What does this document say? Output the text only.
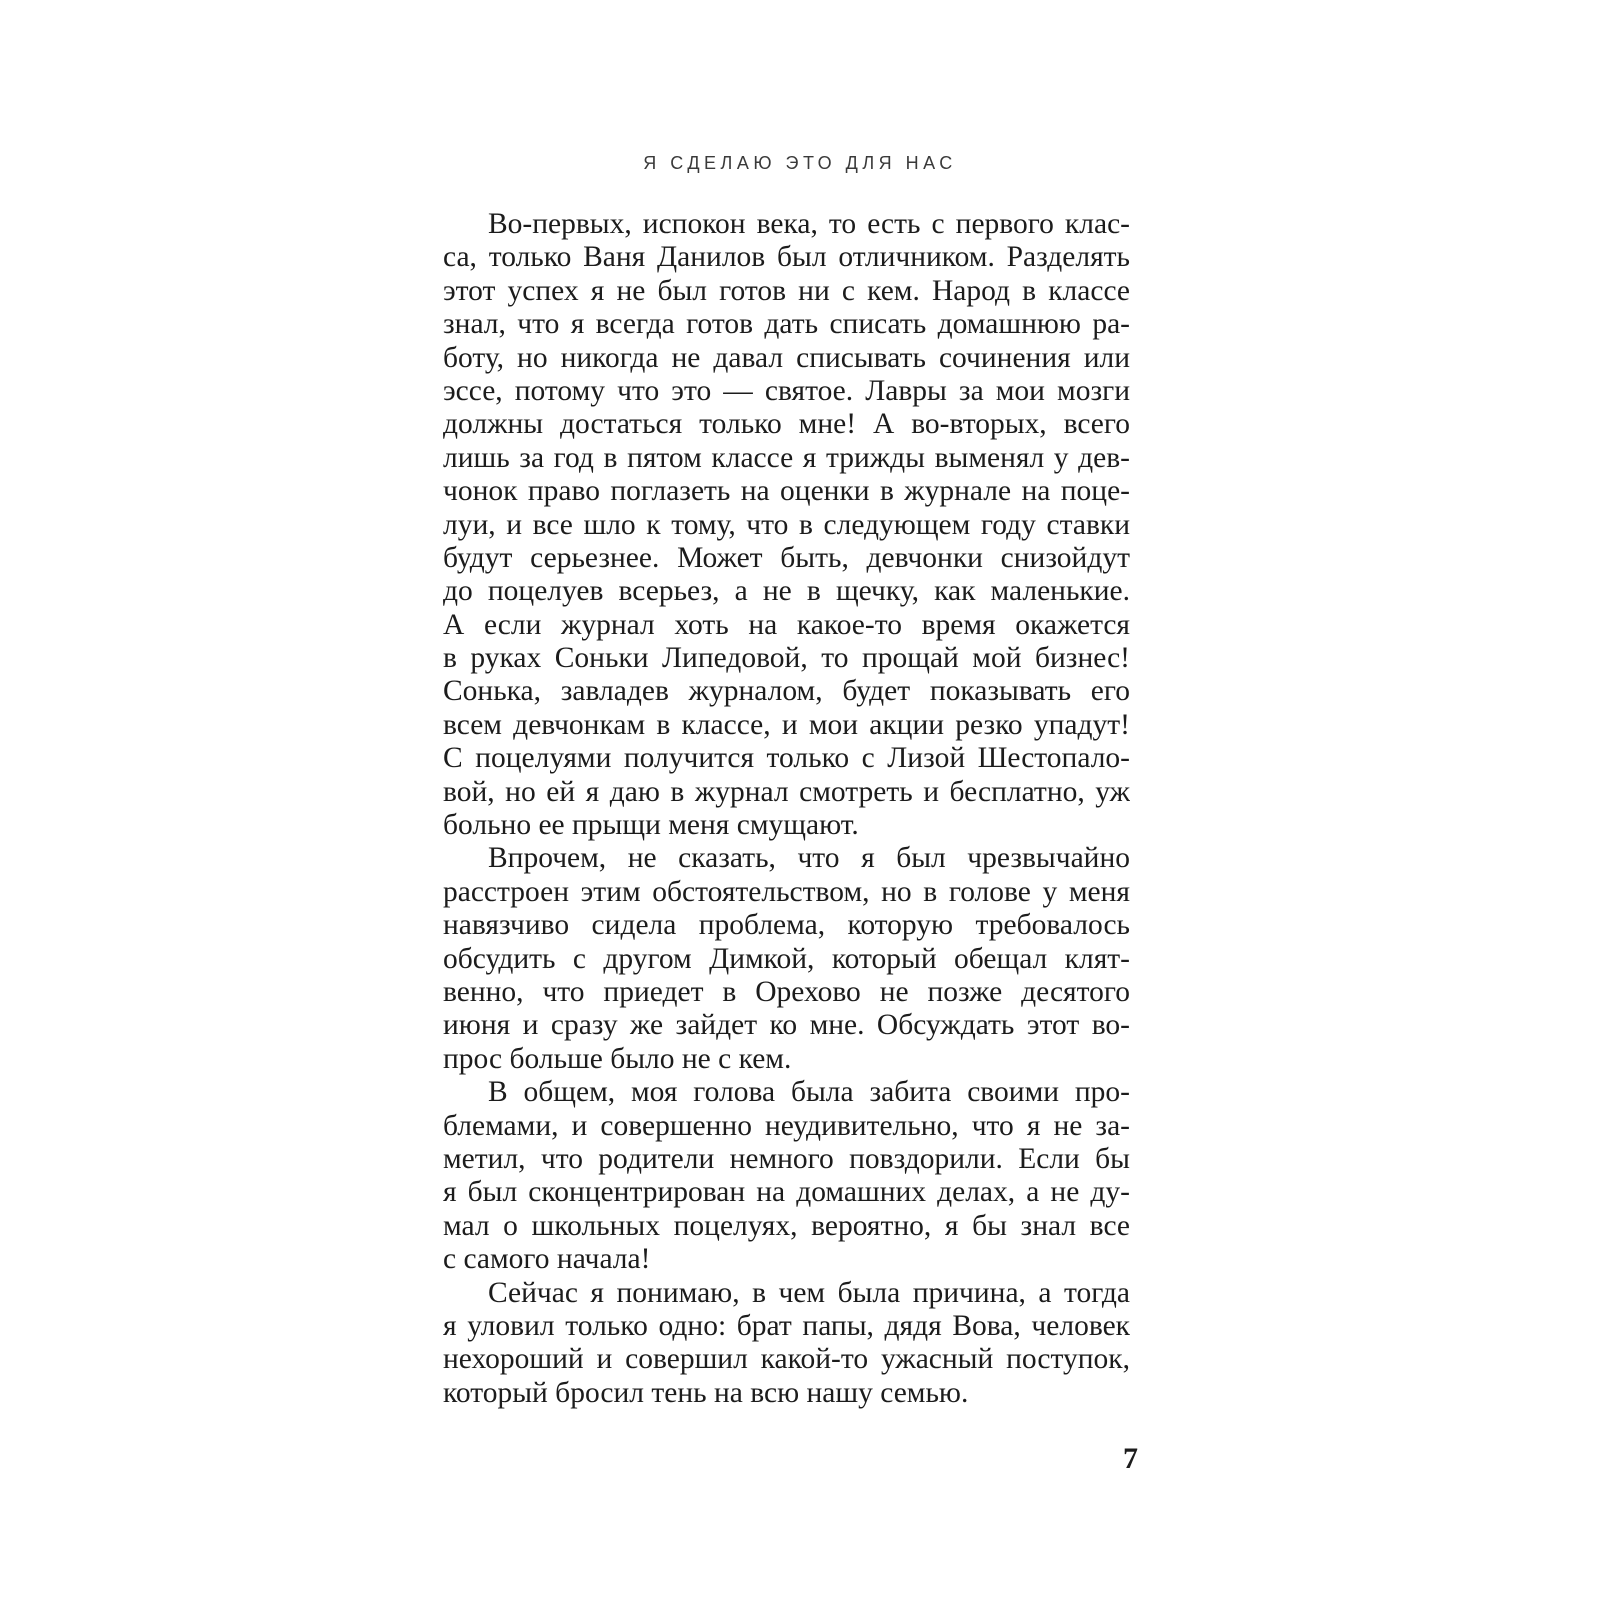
Я СДЕЛАЮ ЭТО ДЛЯ НАС
Во-первых, испокон века, то есть с первого клас-
са, только Ваня Данилов был отличником. Разделять
этот успех я не был готов ни с кем. Народ в классе
знал, что я всегда готов дать списать домашнюю ра-
боту, но никогда не давал списывать сочинения или
эссе, потому что это — святое. Лавры за мои мозги
должны достаться только мне! А во-вторых, всего
лишь за год в пятом классе я трижды выменял у дев-
чонок право поглазеть на оценки в журнале на поце-
луи, и все шло к тому, что в следующем году ставки
будут серьезнее. Может быть, девчонки снизойдут
до поцелуев всерьез, а не в щечку, как маленькие.
А если журнал хоть на какое-то время окажется
в руках Соньки Липедовой, то прощай мой бизнес!
Сонька, завладев журналом, будет показывать его
всем девчонкам в классе, и мои акции резко упадут!
С поцелуями получится только с Лизой Шестопало-
вой, но ей я даю в журнал смотреть и бесплатно, уж
больно ее прыщи меня смущают.
Впрочем, не сказать, что я был чрезвычайно
расстроен этим обстоятельством, но в голове у меня
навязчиво сидела проблема, которую требовалось
обсудить с другом Димкой, который обещал клят-
венно, что приедет в Орехово не позже десятого
июня и сразу же зайдет ко мне. Обсуждать этот во-
прос больше было не с кем.
В общем, моя голова была забита своими про-
блемами, и совершенно неудивительно, что я не за-
метил, что родители немного повздорили. Если бы
я был сконцентрирован на домашних делах, а не ду-
мал о школьных поцелуях, вероятно, я бы знал все
с самого начала!
Сейчас я понимаю, в чем была причина, а тогда
я уловил только одно: брат папы, дядя Вова, человек
нехороший и совершил какой-то ужасный поступок,
который бросил тень на всю нашу семью.
7
